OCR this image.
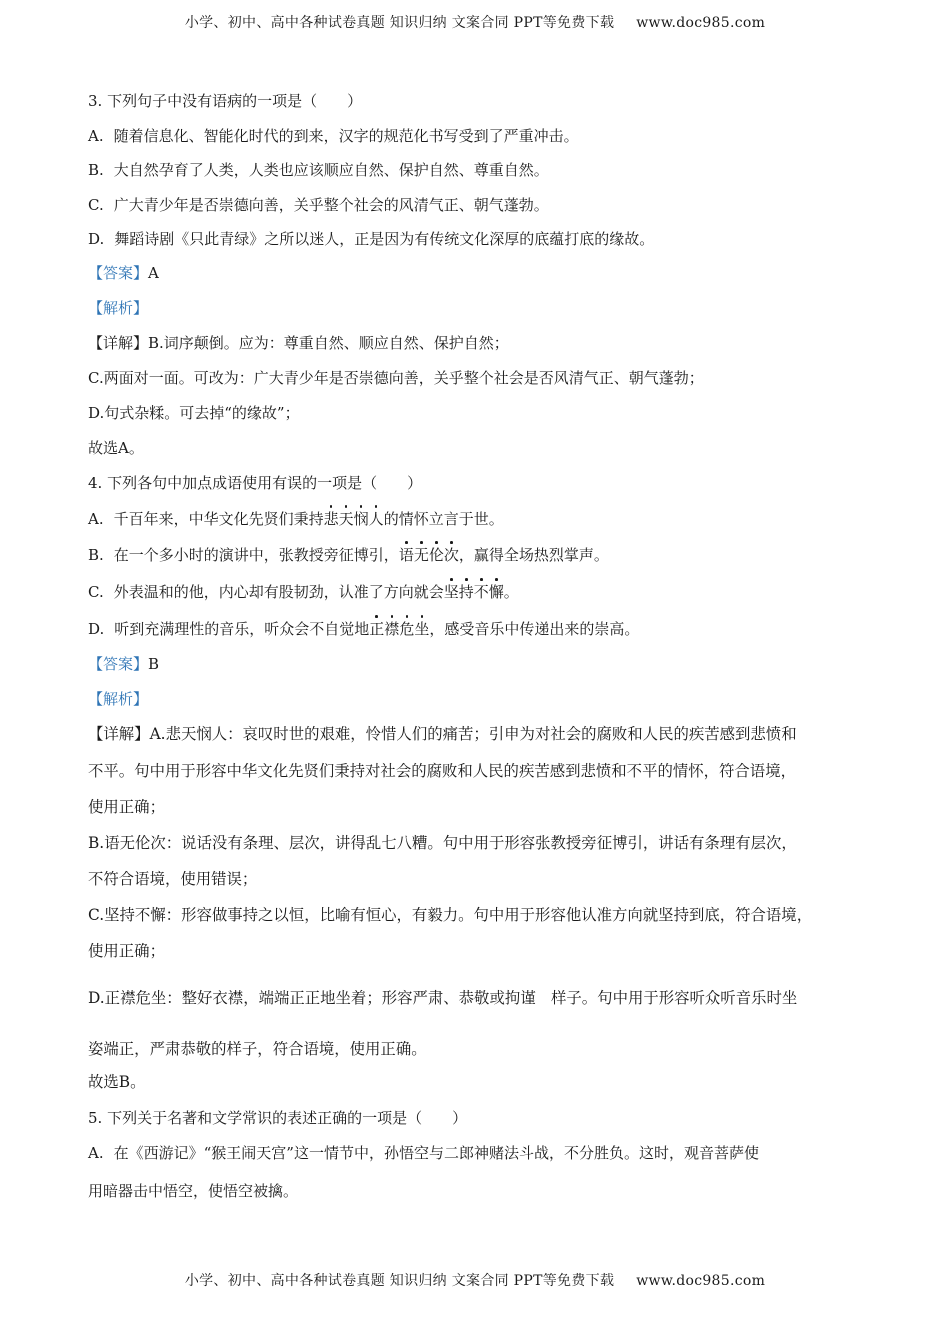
小学、初中、高中各种试卷真题 知识归纳 文案合同 PPT等免费下载 www.doc985.com
3. 下列句子中没有语病的一项是（　　）
A. 随着信息化、智能化时代的到来，汉字的规范化书写受到了严重冲击。
B. 大自然孕育了人类，人类也应该顺应自然、保护自然、尊重自然。
C. 广大青少年是否崇德向善，关乎整个社会的风清气正、朝气蓬勃。
D. 舞蹈诗剧《只此青绿》之所以迷人，正是因为有传统文化深厚的底蕴打底的缘故。
【答案】A
【解析】
【详解】B.词序颠倒。应为：尊重自然、顺应自然、保护自然；
C.两面对一面。可改为：广大青少年是否崇德向善，关乎整个社会是否风清气正、朝气蓬勃；
D.句式杂糅。可去掉“的缘故”；
故选A。
4. 下列各句中加点成语使用有误的一项是（　　）
A. 千百年来，中华文化先贤们秉持悲天悯人的情怀立言于世。
B. 在一个多小时的演讲中，张教授旁征博引，语无伦次，赢得全场热烈掌声。
C. 外表温和的他，内心却有股韧劲，认准了方向就会坚持不懈。
D. 听到充满理性的音乐，听众会不自觉地正襟危坐，感受音乐中传递出来的崇高。
【答案】B
【解析】
【详解】A.悲天悯人：哀叹时世的艰难，怜惜人们的痛苦；引申为对社会的腐败和人民的疾苦感到悲愤和
不平。句中用于形容中华文化先贤们秉持对社会的腐败和人民的疾苦感到悲愤和不平的情怀，符合语境，
使用正确；
B.语无伦次：说话没有条理、层次，讲得乱七八糟。句中用于形容张教授旁征博引，讲话有条理有层次，
不符合语境，使用错误；
C.坚持不懈：形容做事持之以恒，比喻有恒心，有毅力。句中用于形容他认准方向就坚持到底，符合语境，
使用正确；
D.正襟危坐：整好衣襟，端端正正地坐着；形容严肃、恭敬或拘谨　样子。句中用于形容听众听音乐时坐
姿端正，严肃恭敬的样子，符合语境，使用正确。
故选B。
5. 下列关于名著和文学常识的表述正确的一项是（　　）
A. 在《西游记》“猴王闹天宫”这一情节中，孙悟空与二郎神赌法斗战，不分胜负。这时，观音菩萨使
用暗器击中悟空，使悟空被擒。
小学、初中、高中各种试卷真题 知识归纳 文案合同 PPT等免费下载 www.doc985.com
